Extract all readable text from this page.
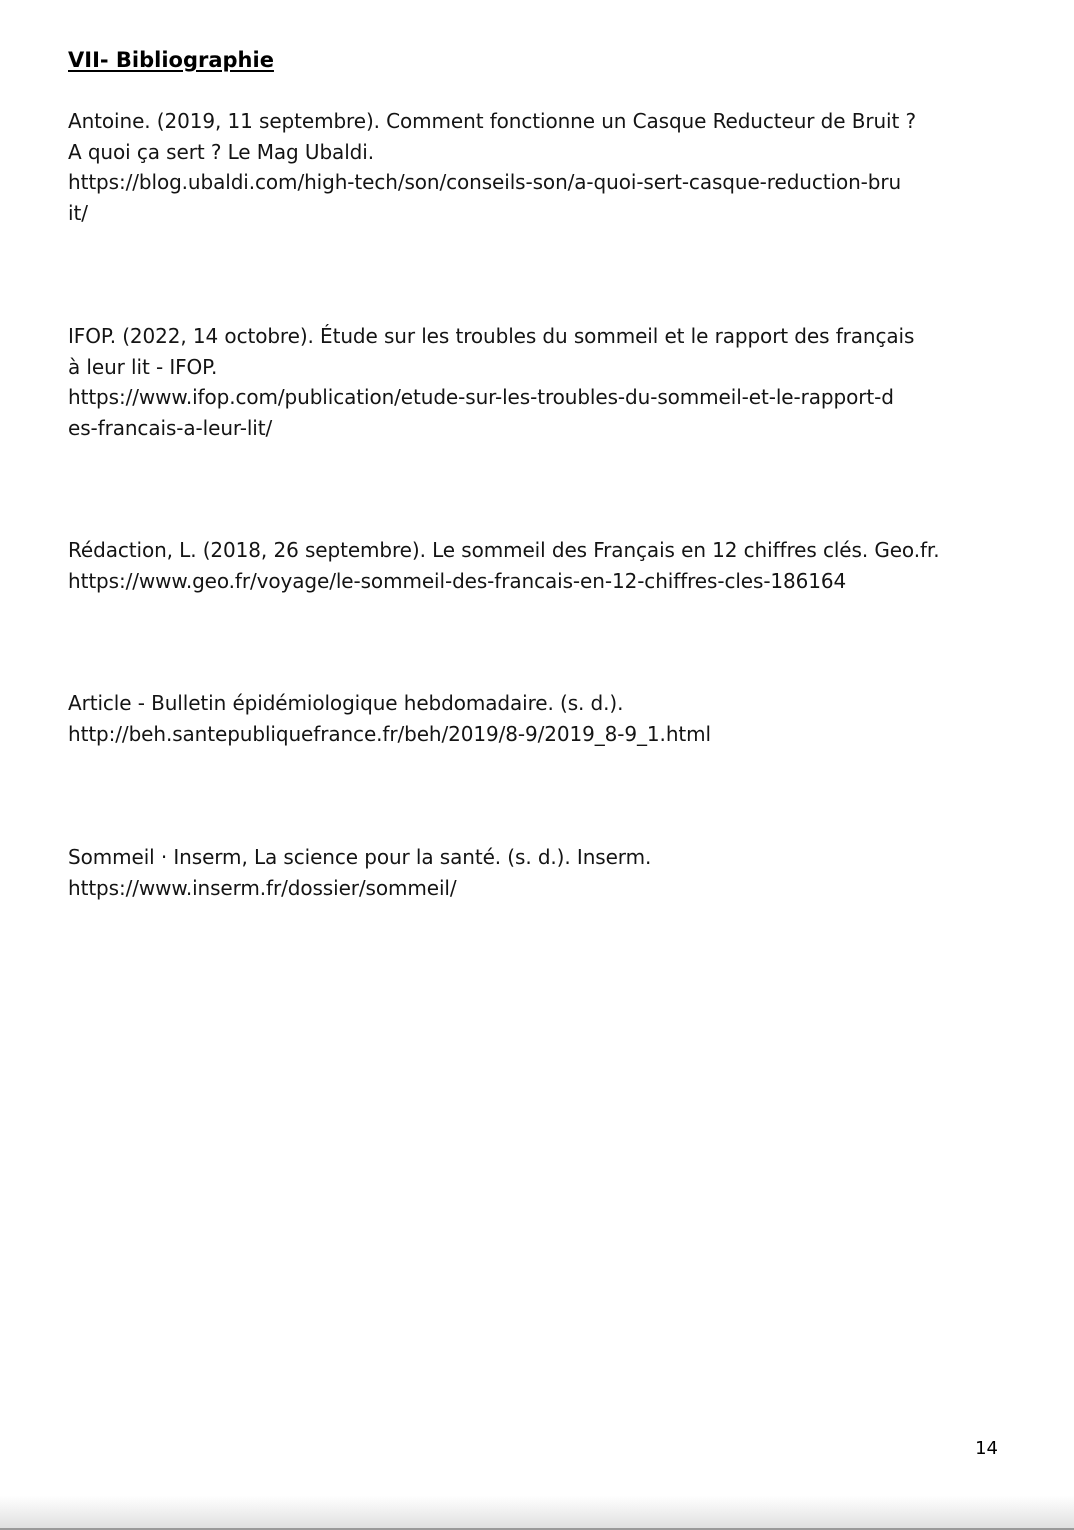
VII- Bibliographie
Antoine. (2019, 11 septembre). Comment fonctionne un Casque Reducteur de Bruit ?
A quoi ça sert ? Le Mag Ubaldi.
https://blog.ubaldi.com/high-tech/son/conseils-son/a-quoi-sert-casque-reduction-bru
it/
IFOP. (2022, 14 octobre). Étude sur les troubles du sommeil et le rapport des français
à leur lit - IFOP.
https://www.ifop.com/publication/etude-sur-les-troubles-du-sommeil-et-le-rapport-d
es-francais-a-leur-lit/
Rédaction, L. (2018, 26 septembre). Le sommeil des Français en 12 chiffres clés. Geo.fr.
https://www.geo.fr/voyage/le-sommeil-des-francais-en-12-chiffres-cles-186164
Article - Bulletin épidémiologique hebdomadaire. (s. d.).
http://beh.santepubliquefrance.fr/beh/2019/8-9/2019_8-9_1.html
Sommeil · Inserm, La science pour la santé. (s. d.). Inserm.
https://www.inserm.fr/dossier/sommeil/

14
